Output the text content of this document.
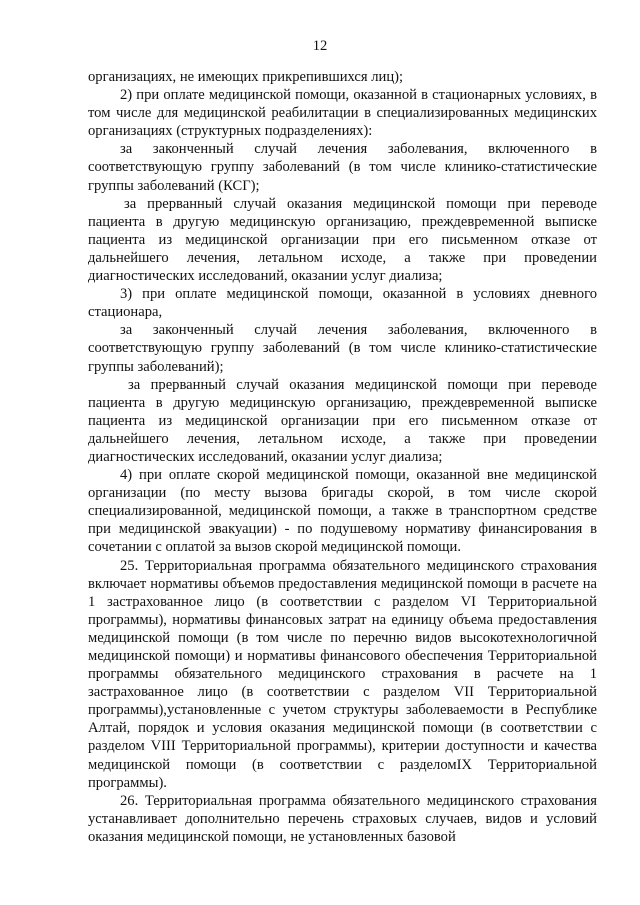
12

организациях, не имеющих прикрепившихся лиц);

2) при оплате медицинской помощи, оказанной в стационарных условиях, в том числе для медицинской реабилитации в специализированных медицинских организациях (структурных подразделениях):

за законченный случай лечения заболевания, включенного в соответствующую группу заболеваний (в том числе клинико-статистические группы заболеваний (КСГ);

за прерванный случай оказания медицинской помощи при переводе пациента в другую медицинскую организацию, преждевременной выписке пациента из медицинской организации при его письменном отказе от дальнейшего лечения, летальном исходе, а также при проведении диагностических исследований, оказании услуг диализа;

3) при оплате медицинской помощи, оказанной в условиях дневного стационара,

за законченный случай лечения заболевания, включенного в соответствующую группу заболеваний (в том числе клинико-статистические группы заболеваний);

за прерванный случай оказания медицинской помощи при переводе пациента в другую медицинскую организацию, преждевременной выписке пациента из медицинской организации при его письменном отказе от дальнейшего лечения, летальном исходе, а также при проведении диагностических исследований, оказании услуг диализа;

4) при оплате скорой медицинской помощи, оказанной вне медицинской организации (по месту вызова бригады скорой, в том числе скорой специализированной, медицинской помощи, а также в транспортном средстве при медицинской эвакуации) - по подушевому нормативу финансирования в сочетании с оплатой за вызов скорой медицинской помощи.

25. Территориальная программа обязательного медицинского страхования включает нормативы объемов предоставления медицинской помощи в расчете на 1 застрахованное лицо (в соответствии с разделом VI Территориальной программы), нормативы финансовых затрат на единицу объема предоставления медицинской помощи (в том числе по перечню видов высокотехнологичной медицинской помощи) и нормативы финансового обеспечения Территориальной программы обязательного медицинского страхования в расчете на 1 застрахованное лицо (в соответствии с разделом VII Территориальной программы),установленные с учетом структуры заболеваемости в Республике Алтай, порядок и условия оказания медицинской помощи (в соответствии с разделом VIII Территориальной программы), критерии доступности и качества медицинской помощи (в соответствии с разделомIX Территориальной программы).

26. Территориальная программа обязательного медицинского страхования устанавливает дополнительно перечень страховых случаев, видов и условий оказания медицинской помощи, не установленных базовой
